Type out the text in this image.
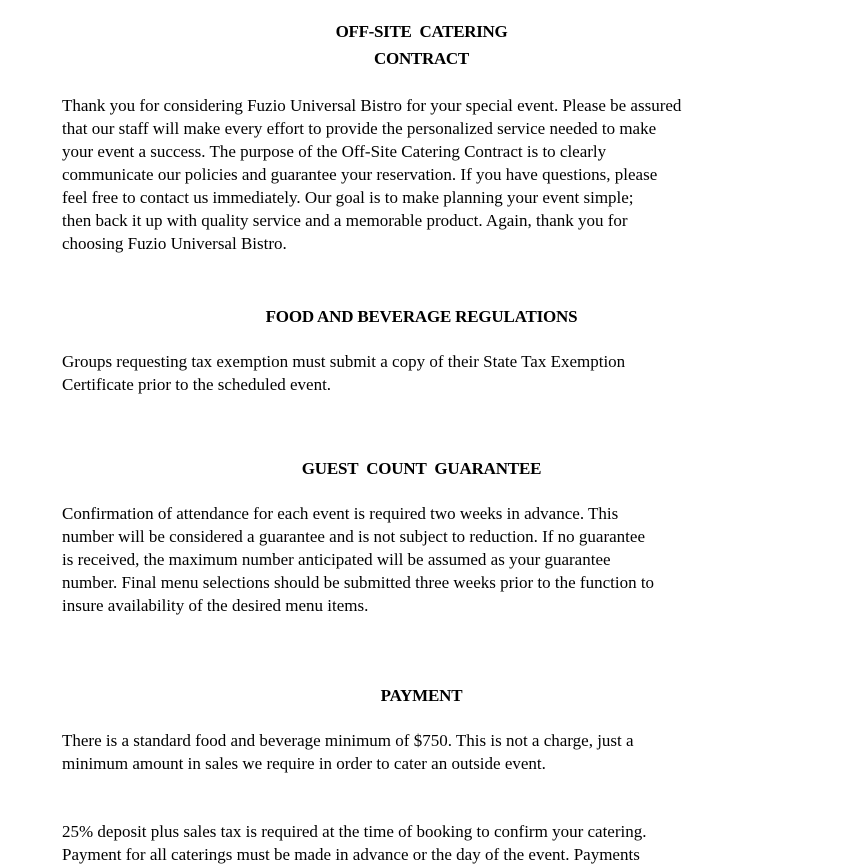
OFF-SITE  CATERING
CONTRACT
Thank you for considering Fuzio Universal Bistro for your special event. Please be assured
that our staff will make every effort to provide the personalized service needed to make
your event a success. The purpose of the Off-Site Catering Contract is to clearly
communicate our policies and guarantee your reservation. If you have questions, please
feel free to contact us immediately. Our goal is to make planning your event simple;
then back it up with quality service and a memorable product. Again, thank you for
choosing Fuzio Universal Bistro.
FOOD AND BEVERAGE REGULATIONS
Groups requesting tax exemption must submit a copy of their State Tax Exemption
Certificate prior to the scheduled event.
GUEST  COUNT  GUARANTEE
Confirmation of attendance for each event is required two weeks in advance. This
number will be considered a guarantee and is not subject to reduction. If no guarantee
is received, the maximum number anticipated will be assumed as your guarantee
number. Final menu selections should be submitted three weeks prior to the function to
insure availability of the desired menu items.
PAYMENT
There is a standard food and beverage minimum of $750. This is not a charge, just a
minimum amount in sales we require in order to cater an outside event.
25% deposit plus sales tax is required at the time of booking to confirm your catering.
Payment for all caterings must be made in advance or the day of the event. Payments
